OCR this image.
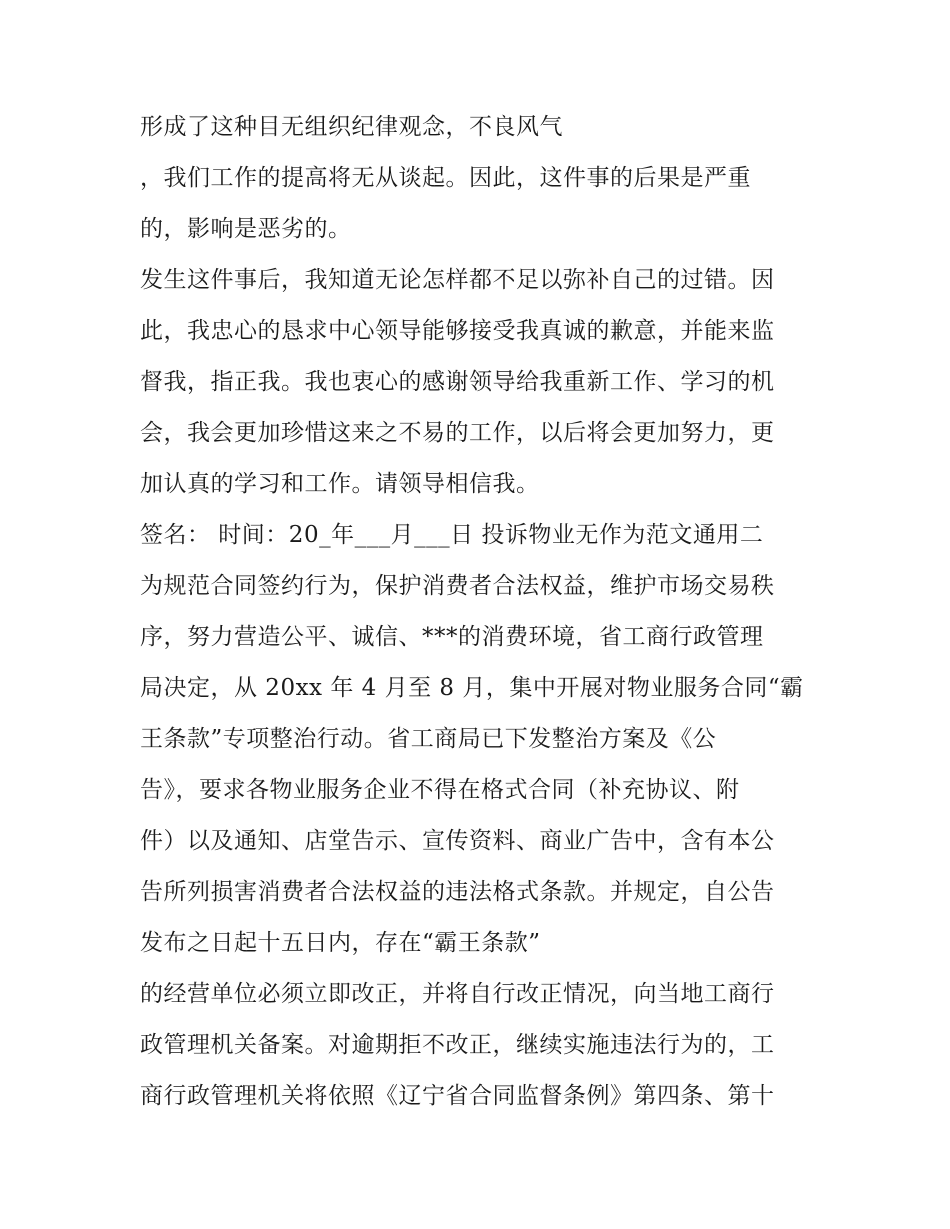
形成了这种目无组织纪律观念，不良风气
，我们工作的提高将无从谈起。因此，这件事的后果是严重
的，影响是恶劣的。
发生这件事后，我知道无论怎样都不足以弥补自己的过错。因
此，我忠心的恳求中心领导能够接受我真诚的歉意，并能来监
督我，指正我。我也衷心的感谢领导给我重新工作、学习的机
会，我会更加珍惜这来之不易的工作，以后将会更加努力，更
加认真的学习和工作。请领导相信我。
签名： 时间：20_年___月___日 投诉物业无作为范文通用二
为规范合同签约行为，保护消费者合法权益，维护市场交易秩
序，努力营造公平、诚信、***的消费环境，省工商行政管理
局决定，从 20xx 年 4 月至 8 月，集中开展对物业服务合同“霸
王条款”专项整治行动。省工商局已下发整治方案及《公
告》，要求各物业服务企业不得在格式合同（补充协议、附
件）以及通知、店堂告示、宣传资料、商业广告中，含有本公
告所列损害消费者合法权益的违法格式条款。并规定，自公告
发布之日起十五日内，存在“霸王条款”
的经营单位必须立即改正，并将自行改正情况，向当地工商行
政管理机关备案。对逾期拒不改正，继续实施违法行为的，工
商行政管理机关将依照《辽宁省合同监督条例》第四条、第十
